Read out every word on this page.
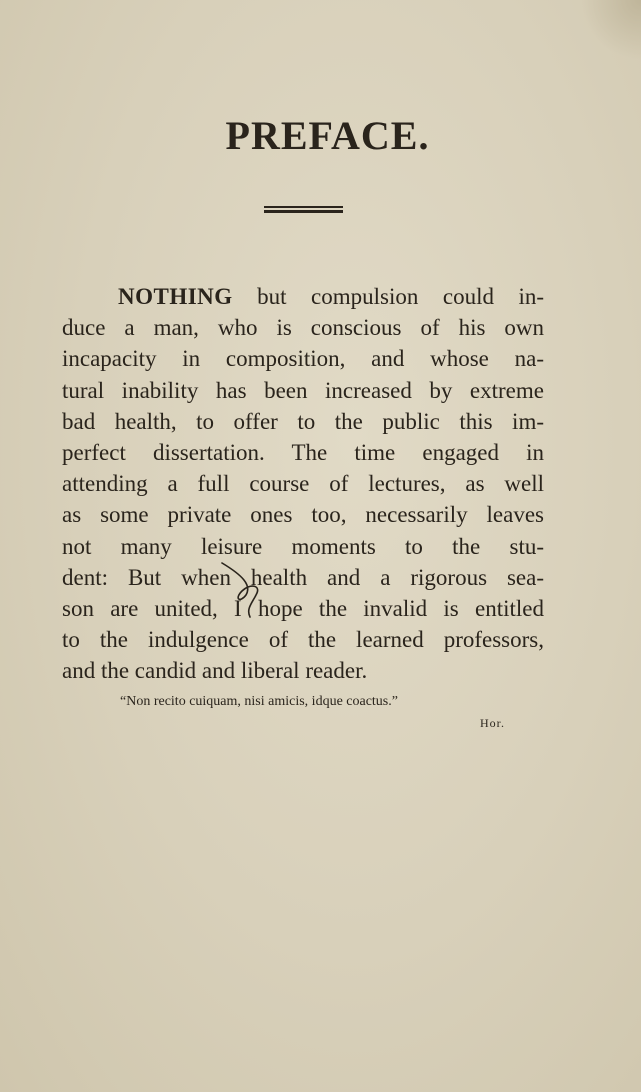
PREFACE.
NOTHING but compulsion could in-
duce a man, who is conscious of his own
incapacity in composition, and whose na-
tural inability has been increased by extreme
bad health, to offer to the public this im-
perfect dissertation. The time engaged in
attending a full course of lectures, as well
as some private ones too, necessarily leaves
not many leisure moments to the stu-
dent: But when health and a rigorous sea-
son are united, I hope the invalid is entitled
to the indulgence of the learned professors,
and the candid and liberal reader.

“Non recito cuiquam, nisi amicis, idque coactus.”

Hor.
